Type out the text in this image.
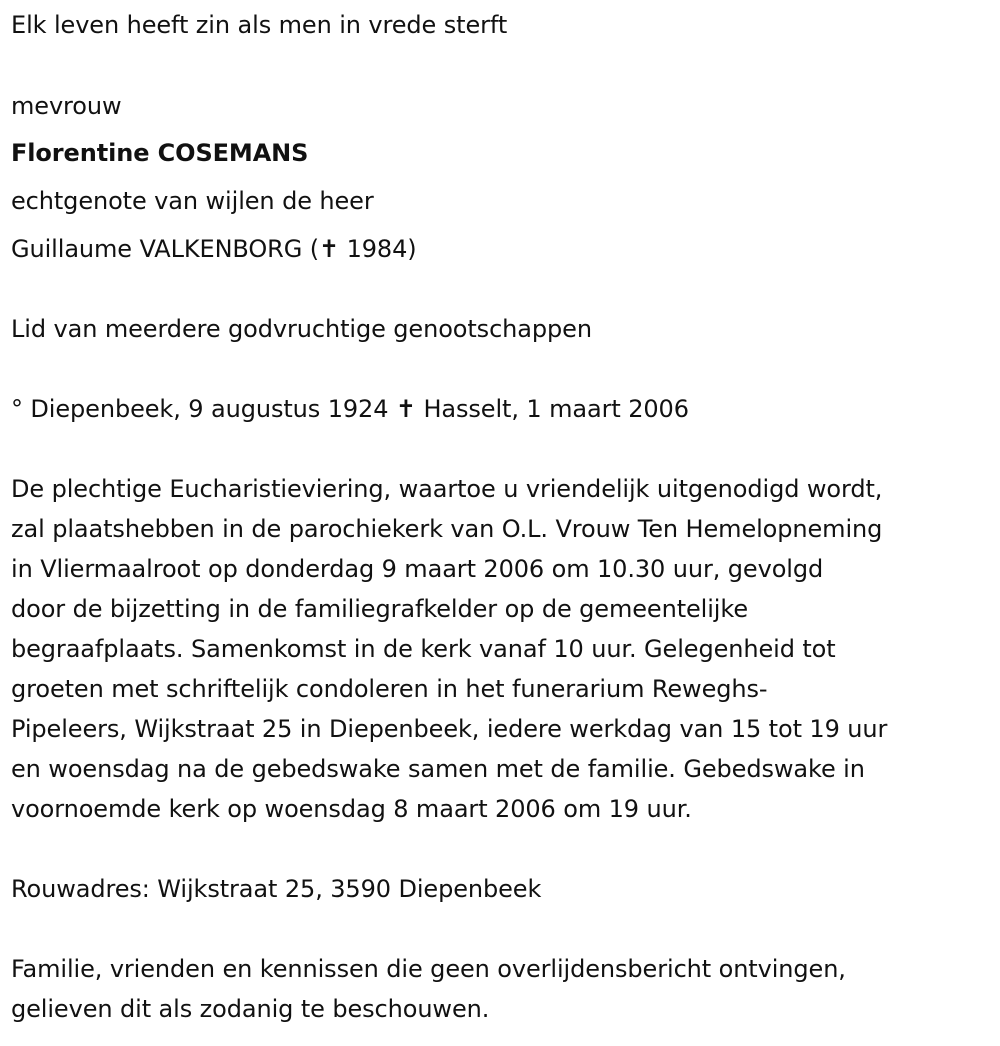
Elk leven heeft zin als men in vrede sterft
mevrouw
Florentine COSEMANS
echtgenote van wijlen de heer
Guillaume VALKENBORG (✝ 1984)
Lid van meerdere godvruchtige genootschappen
° Diepenbeek, 9 augustus 1924 ✝ Hasselt, 1 maart 2006
De plechtige Eucharistieviering, waartoe u vriendelijk uitgenodigd wordt,
zal plaatshebben in de parochiekerk van O.L. Vrouw Ten Hemelopneming
in Vliermaalroot op donderdag 9 maart 2006 om 10.30 uur, gevolgd
door de bijzetting in de familiegrafkelder op de gemeentelijke
begraafplaats. Samenkomst in de kerk vanaf 10 uur. Gelegenheid tot
groeten met schriftelijk condoleren in het funerarium Reweghs-
Pipeleers, Wijkstraat 25 in Diepenbeek, iedere werkdag van 15 tot 19 uur
en woensdag na de gebedswake samen met de familie. Gebedswake in
voornoemde kerk op woensdag 8 maart 2006 om 19 uur.
Rouwadres: Wijkstraat 25, 3590 Diepenbeek
Familie, vrienden en kennissen die geen overlijdensbericht ontvingen,
gelieven dit als zodanig te beschouwen.
